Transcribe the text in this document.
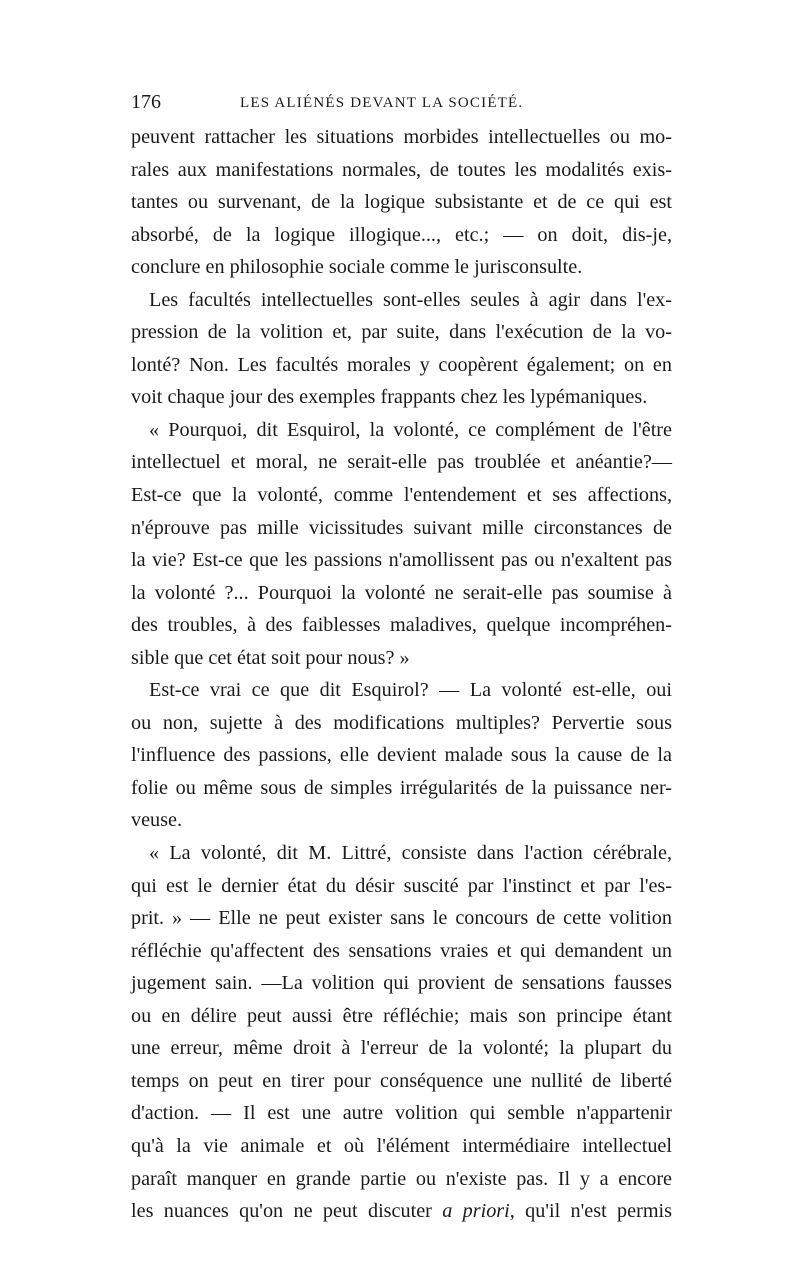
176	LES ALIÉNÉS DEVANT LA SOCIÉTÉ.
peuvent rattacher les situations morbides intellectuelles ou mo-
rales aux manifestations normales, de toutes les modalités exis-
tantes ou survenant, de la logique subsistante et de ce qui est
absorbé, de la logique illogique..., etc.; — on doit, dis-je,
conclure en philosophie sociale comme le jurisconsulte.
Les facultés intellectuelles sont-elles seules à agir dans l'ex-
pression de la volition et, par suite, dans l'exécution de la vo-
lonté? Non. Les facultés morales y coopèrent également; on en
voit chaque jour des exemples frappants chez les lypémaniques.
« Pourquoi, dit Esquirol, la volonté, ce complément de l'être
intellectuel et moral, ne serait-elle pas troublée et anéantie?—
Est-ce que la volonté, comme l'entendement et ses affections,
n'éprouve pas mille vicissitudes suivant mille circonstances de
la vie? Est-ce que les passions n'amollissent pas ou n'exaltent pas
la volonté ?... Pourquoi la volonté ne serait-elle pas soumise à
des troubles, à des faiblesses maladives, quelque incompréhen-
sible que cet état soit pour nous? »
Est-ce vrai ce que dit Esquirol? — La volonté est-elle, oui
ou non, sujette à des modifications multiples? Pervertie sous
l'influence des passions, elle devient malade sous la cause de la
folie ou même sous de simples irrégularités de la puissance ner-
veuse.
« La volonté, dit M. Littré, consiste dans l'action cérébrale,
qui est le dernier état du désir suscité par l'instinct et par l'es-
prit. » — Elle ne peut exister sans le concours de cette volition
réfléchie qu'affectent des sensations vraies et qui demandent un
jugement sain. —La volition qui provient de sensations fausses
ou en délire peut aussi être réfléchie; mais son principe étant
une erreur, même droit à l'erreur de la volonté; la plupart du
temps on peut en tirer pour conséquence une nullité de liberté
d'action. — Il est une autre volition qui semble n'appartenir
qu'à la vie animale et où l'élément intermédiaire intellectuel
paraît manquer en grande partie ou n'existe pas. Il y a encore
les nuances qu'on ne peut discuter a priori, qu'il n'est permis
